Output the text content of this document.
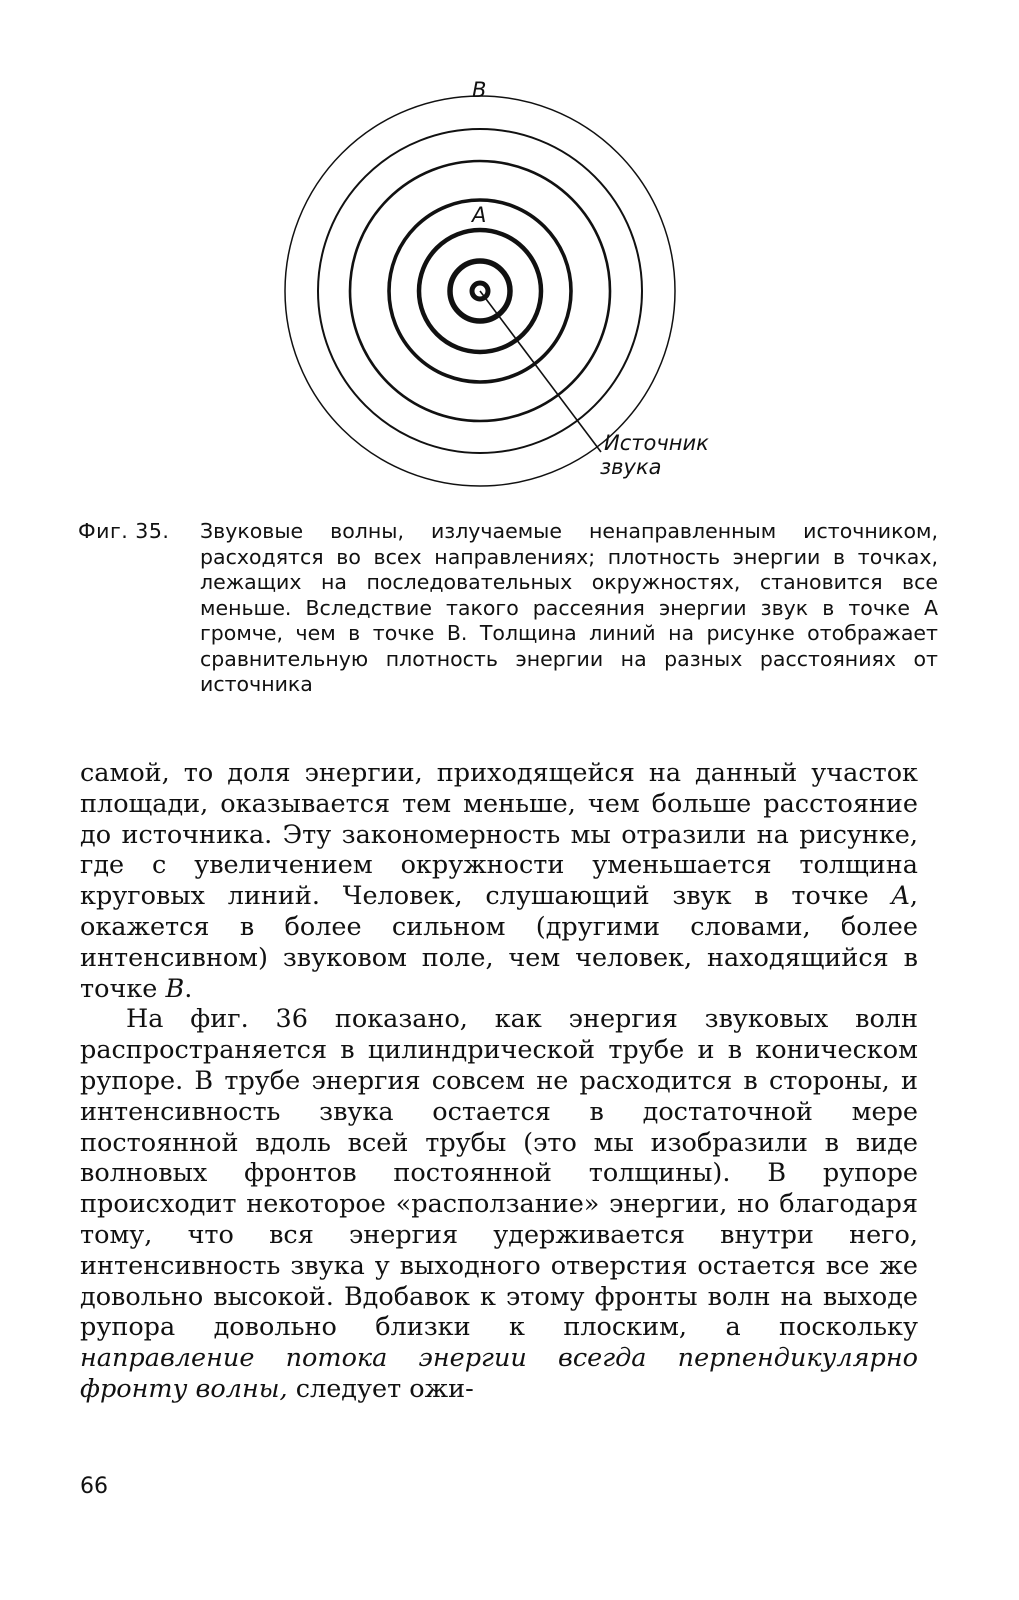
B
A
Источник
звука
Фиг. 35.	Звуковые волны, излучаемые ненаправленным источником, расходятся во всех направлениях; плотность энергии в точках, лежащих на последовательных окружностях, становится все меньше. Вследствие такого рассеяния энергии звук в точке A громче, чем в точке B. Толщина линий на рисунке отображает сравнительную плотность энергии на разных расстояниях от источника

самой, то доля энергии, приходящейся на данный участок площади, оказывается тем меньше, чем больше расстояние до источника. Эту закономерность мы отразили на рисунке, где с увеличением окружности уменьшается толщина круговых линий. Человек, слушающий звук в точке A, окажется в более сильном (другими словами, более интенсивном) звуковом поле, чем человек, находящийся в точке B.

На фиг. 36 показано, как энергия звуковых волн распространяется в цилиндрической трубе и в коническом рупоре. В трубе энергия совсем не расходится в стороны, и интенсивность звука остается в достаточной мере постоянной вдоль всей трубы (это мы изобразили в виде волновых фронтов постоянной толщины). В рупоре происходит некоторое «расползание» энергии, но благодаря тому, что вся энергия удерживается внутри него, интенсивность звука у выходного отверстия остается все же довольно высокой. Вдобавок к этому фронты волн на выходе рупора довольно близки к плоским, а поскольку направление потока энергии всегда перпендикулярно фронту волны, следует ожи-

66
